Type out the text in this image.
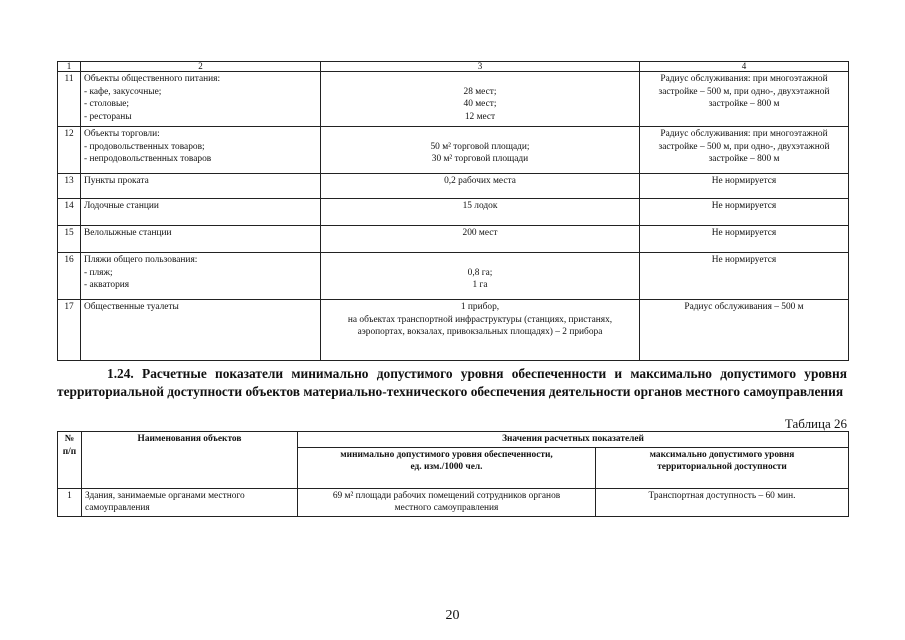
1	2	3	4
11	Объекты общественного питания:
- кафе, закусочные;
- столовые;
- рестораны	28 мест;
40 мест;
12 мест	Радиус обслуживания: при многоэтажной
застройке – 500 м, при одно-, двухэтажной
застройке – 800 м

12	Объекты торговли:
- продовольственных товаров;
- непродовольственных товаров	50 м² торговой площади;
30 м² торговой площади	Радиус обслуживания: при многоэтажной
застройке – 500 м, при одно-, двухэтажной
застройке – 800 м

13	Пункты проката	0,2 рабочих места	Не нормируется

14	Лодочные станции	15 лодок	Не нормируется

15	Велолыжные станции	200 мест	Не нормируется

16	Пляжи общего пользования:
- пляж;
- акватория	0,8 га;
1 га	Не нормируется

17	Общественные туалеты	1 прибор,
на объектах транспортной инфраструктуры (станциях, пристанях,
аэропортах, вокзалах, привокзальных площадях) – 2 прибора	Радиус обслуживания – 500 м
1.24. Расчетные показатели минимально допустимого уровня обеспеченности и максимально допустимого уровня территориальной доступности объектов материально-технического обеспечения деятельности органов местного самоуправления
Таблица 26
№
п/п	Наименования объектов	Значения расчетных показателей	

		минимально допустимого уровня обеспеченности,
ед. изм./1000 чел.	максимально допустимого уровня
территориальной доступности

1	Здания, занимаемые органами местного
самоуправления	69 м² площади рабочих помещений сотрудников органов
местного самоуправления	Транспортная доступность – 60 мин.
20
